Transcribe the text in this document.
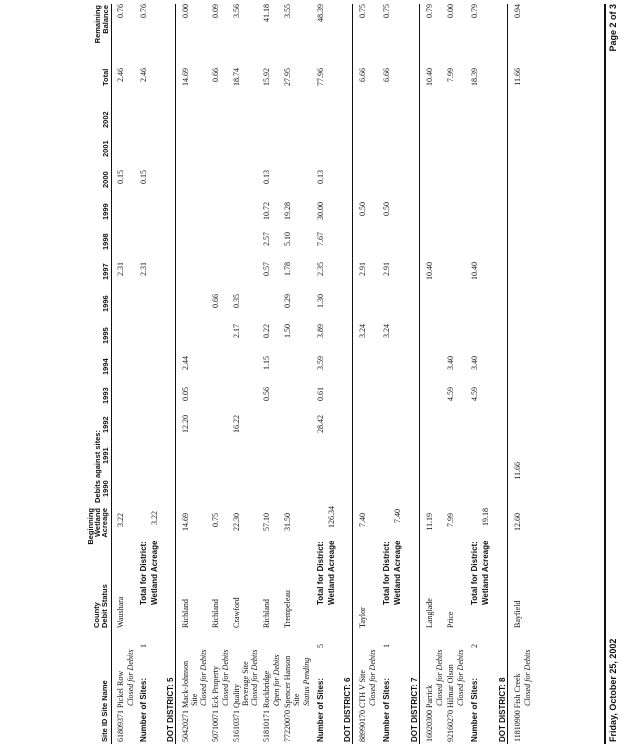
Site ID Site Name
County Debit Status
Beginning
Wetland
Acreage
Debits against sites: 1990
1991
1992
1993
1994
1995
1996
1997
1998
1999
2000
2001
2002
Total
Remaining Balance
61809371 Pickel Row
Waushara
3.22
2.31
0.15
2.46
0.76
Closed for Debits
Number of Sites:
1
Total for District:
2.31
0.15
2.46
0.76
Wetland Acreage
3.22
DOT DISTRICT: 5 50420271 Mack-Johnson Site
Richland
14.69
12.20
0.05
2.44
14.69
0.00
Closed for Debits 50710071 Eck Property
Richland
0.75
0.66
0.66
0.09
Closed for Debits
51610371 Quality
Beverage Site
Crawford
22.30
16.22
2.17
0.35
18.74
3.56
Closed for Debits 51810171 Rockbridge
Richland
57.10
0.56
1.15
0.22
0.57
2.57
10.72
0.13
15.92
41.18
Open for Debits 77220070 Spencer Hanson Site
Trempeleau
31.50
1.50
0.29
1.78
5.10
19.28
27.95
3.55
Status Pending Number of Sites:
5
Total for District:
28.42
0.61
3.59
3.89
1.30
2.35
7.67
30.00
0.13
77.96
48.39
Wetland Acreage
126.34
DOT DISTRICT: 6 88990170 CTH V Site
Taylor
7.40
3.24
2.91
0.50
6.66
0.75
Closed for Debits
Number of Sites:
1
Total for District:
3.24
2.91
0.50
6.66
0.75
Wetland Acreage
7.40
DOT DISTRICT: 7 16020300 Parrick
Langlade
11.19
10.40
10.40
0.79
Closed for Debits 92160270 Hilmar Olson
Price
7.99
4.59
3.40
7.99
0.00
Closed for Debits
Number of Sites:
2
Total for District:
4.59
3.40
10.40
18.39
0.79
Wetland Acreage
19.18
DOT DISTRICT: 8 11810900 Fish Creek
Bayfield
12.60
11.66
11.66
0.94
Closed for Debits	Friday, October 25, 2002
Page 2 of 3
